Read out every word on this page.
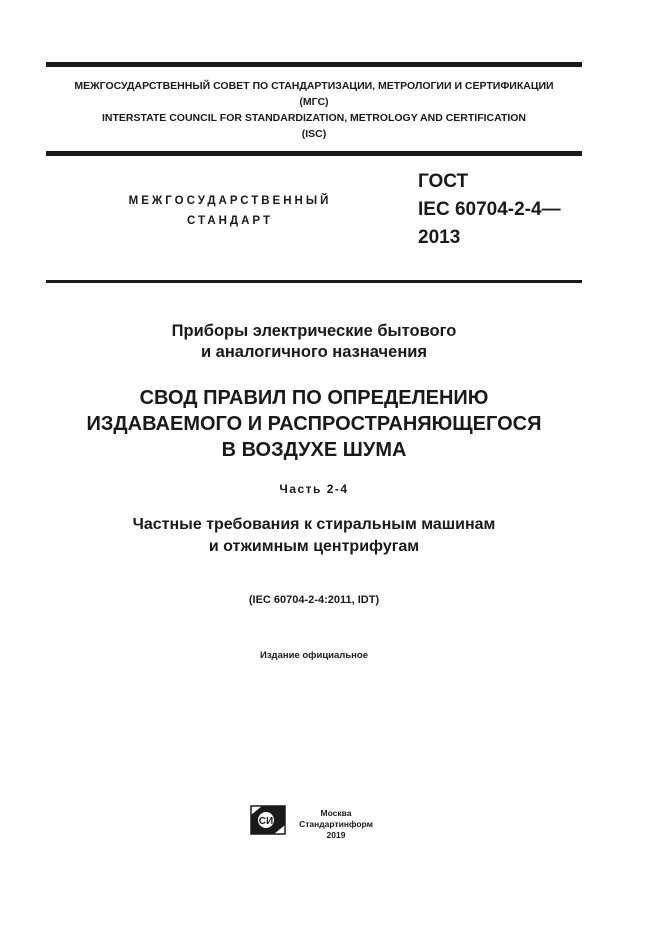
МЕЖГОСУДАРСТВЕННЫЙ СОВЕТ ПО СТАНДАРТИЗАЦИИ, МЕТРОЛОГИИ И СЕРТИФИКАЦИИ
(МГС)
INTERSTATE COUNCIL FOR STANDARDIZATION, METROLOGY AND CERTIFICATION
(ISC)
МЕЖГОСУДАРСТВЕННЫЙ
СТАНДАРТ
ГОСТ
IEC 60704-2-4—
2013
Приборы электрические бытового
и аналогичного назначения
СВОД ПРАВИЛ ПО ОПРЕДЕЛЕНИЮ
ИЗДАВАЕМОГО И РАСПРОСТРАНЯЮЩЕГОСЯ
В ВОЗДУХЕ ШУМА
Часть 2-4
Частные требования к стиральным машинам
и отжимным центрифугам
(IEC 60704-2-4:2011, IDT)
Издание официальное
СИ
Москва
Стандартинформ
2019
